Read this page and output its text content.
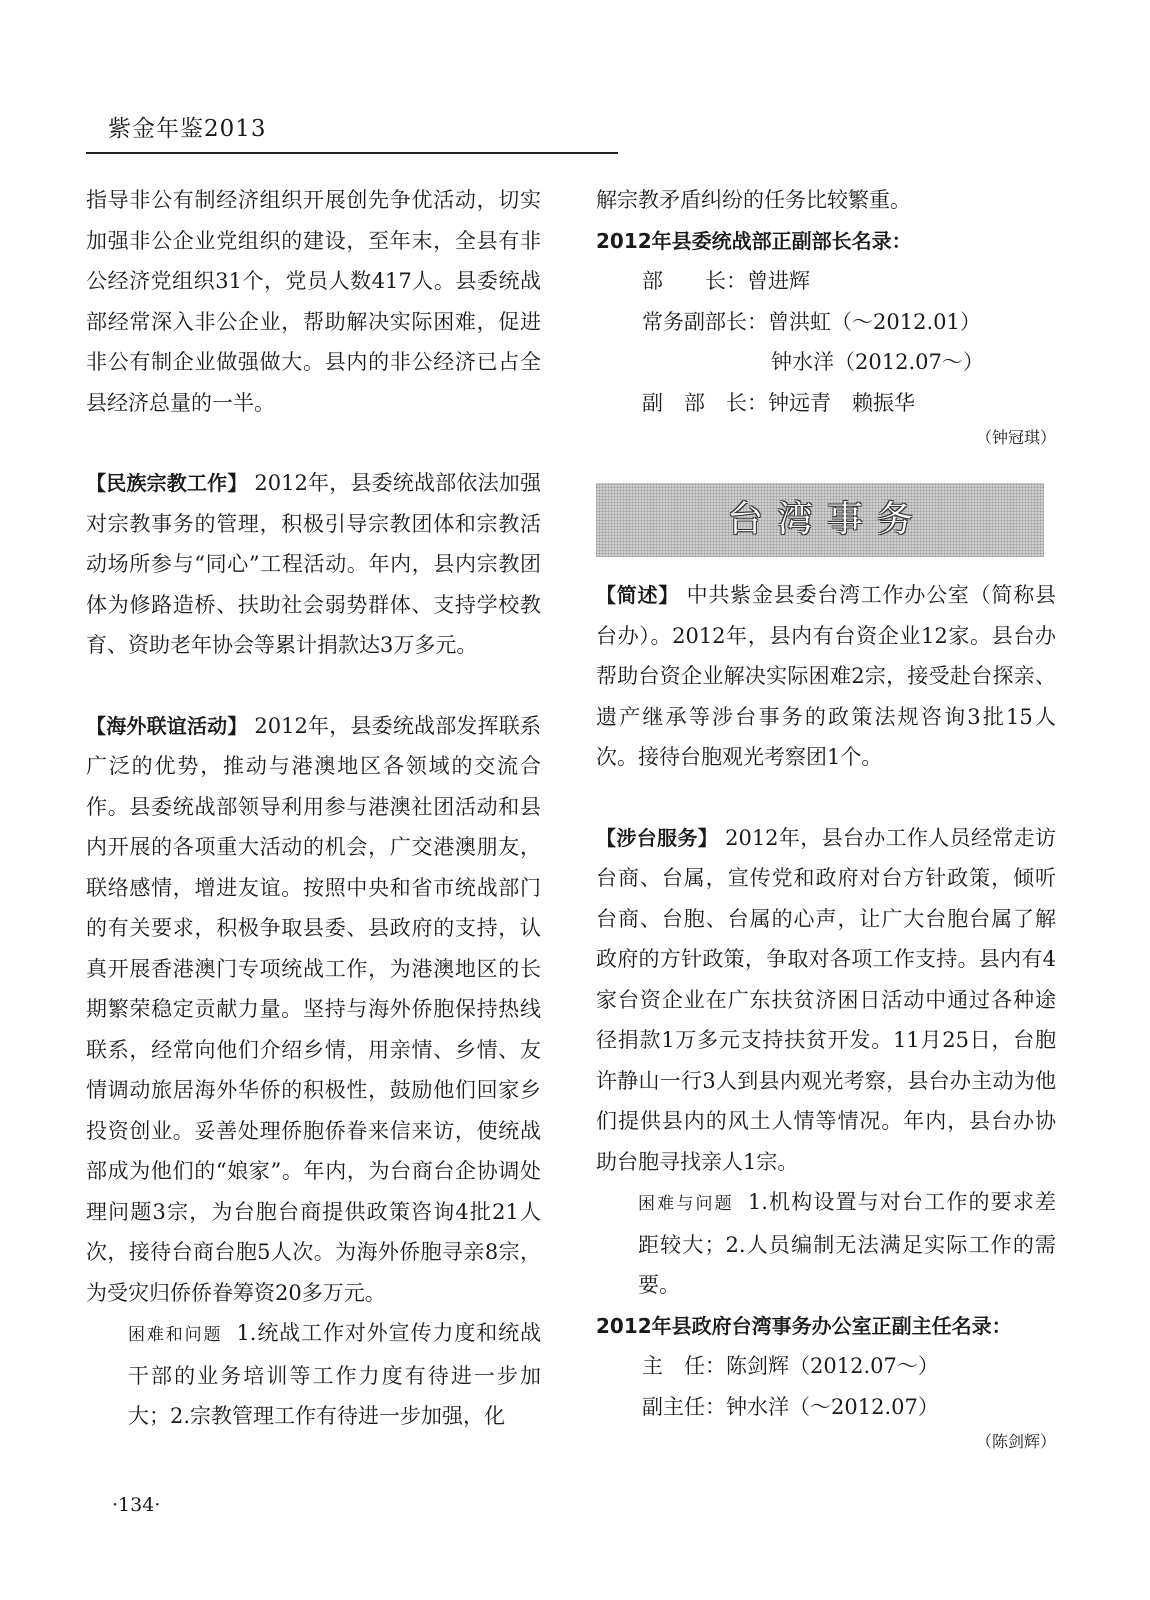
紫金年鉴2013

指导非公有制经济组织开展创先争优活动，切实加强非公企业党组织的建设，至年末，全县有非公经济党组织31个，党员人数417人。县委统战部经常深入非公企业，帮助解决实际困难，促进非公有制企业做强做大。县内的非公经济已占全县经济总量的一半。

【民族宗教工作】 2012年，县委统战部依法加强对宗教事务的管理，积极引导宗教团体和宗教活动场所参与“同心”工程活动。年内，县内宗教团体为修路造桥、扶助社会弱势群体、支持学校教育、资助老年协会等累计捐款达3万多元。

【海外联谊活动】 2012年，县委统战部发挥联系广泛的优势，推动与港澳地区各领域的交流合作。县委统战部领导利用参与港澳社团活动和县内开展的各项重大活动的机会，广交港澳朋友，联络感情，增进友谊。按照中央和省市统战部门的有关要求，积极争取县委、县政府的支持，认真开展香港澳门专项统战工作，为港澳地区的长期繁荣稳定贡献力量。坚持与海外侨胞保持热线联系，经常向他们介绍乡情，用亲情、乡情、友情调动旅居海外华侨的积极性，鼓励他们回家乡投资创业。妥善处理侨胞侨眷来信来访，使统战部成为他们的“娘家”。年内，为台商台企协调处理问题3宗，为台胞台商提供政策咨询4批21人次，接待台商台胞5人次。为海外侨胞寻亲8宗，为受灾归侨侨眷筹资20多万元。

困难和问题 1.统战工作对外宣传力度和统战干部的业务培训等工作力度有待进一步加大；2.宗教管理工作有待进一步加强，化

解宗教矛盾纠纷的任务比较繁重。

2012年县委统战部正副部长名录：

部　　长：曾进辉

常务副部长：曾洪虹（～2012.01）

钟水洋（2012.07～）

副　部　长：钟远青　赖振华

（钟冠琪）

台湾事务

【简述】 中共紫金县委台湾工作办公室（简称县台办）。2012年，县内有台资企业12家。县台办帮助台资企业解决实际困难2宗，接受赴台探亲、遗产继承等涉台事务的政策法规咨询3批15人次。接待台胞观光考察团1个。

【涉台服务】 2012年，县台办工作人员经常走访台商、台属，宣传党和政府对台方针政策，倾听台商、台胞、台属的心声，让广大台胞台属了解政府的方针政策，争取对各项工作支持。县内有4家台资企业在广东扶贫济困日活动中通过各种途径捐款1万多元支持扶贫开发。11月25日，台胞许静山一行3人到县内观光考察，县台办主动为他们提供县内的风土人情等情况。年内，县台办协助台胞寻找亲人1宗。

困难与问题 1.机构设置与对台工作的要求差距较大；2.人员编制无法满足实际工作的需要。

2012年县政府台湾事务办公室正副主任名录：

主　任：陈剑辉（2012.07～）

副主任：钟水洋（～2012.07）

（陈剑辉）

·134·
